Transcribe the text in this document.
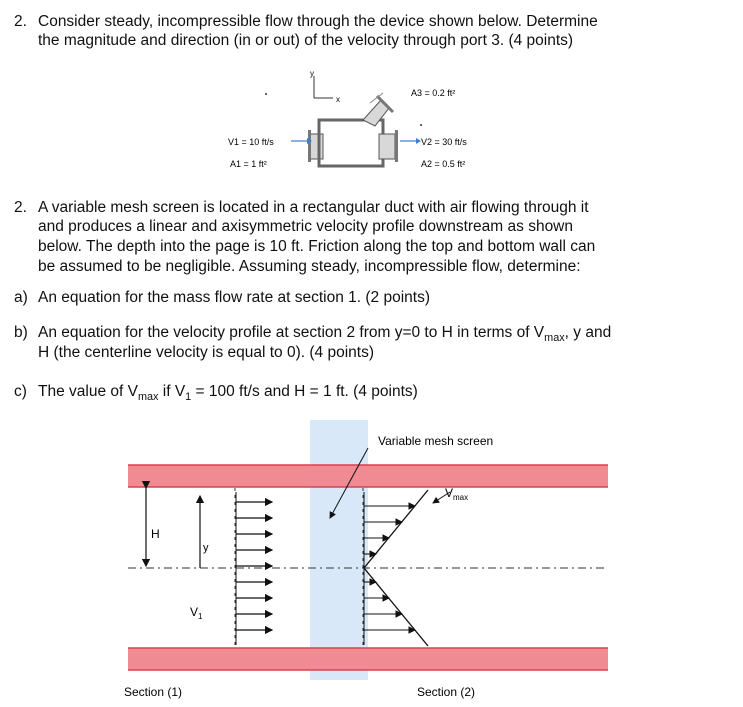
2. Consider steady, incompressible flow through the device shown below. Determine
the magnitude and direction (in or out) of the velocity through port 3. (4 points)
y
x
A3 = 0.2 ft²
V1 = 10 ft/s
A1 = 1 ft²
V2 = 30 ft/s
A2 = 0.5 ft²
2. A variable mesh screen is located in a rectangular duct with air flowing through it
and produces a linear and axisymmetric velocity profile downstream as shown
below. The depth into the page is 10 ft. Friction along the top and bottom wall can
be assumed to be negligible. Assuming steady, incompressible flow, determine:
a) An equation for the mass flow rate at section 1. (2 points)
b) An equation for the velocity profile at section 2 from y=0 to H in terms of $V_{max}$, y and
H (the centerline velocity is equal to 0). (4 points)
c) The value of $V_{max}$ if $V_1 = 100$ ft/s and H = 1 ft. (4 points)
Variable mesh screen
$V_{max}$
H
y
$V_1$
Section (1)	Section (2)
